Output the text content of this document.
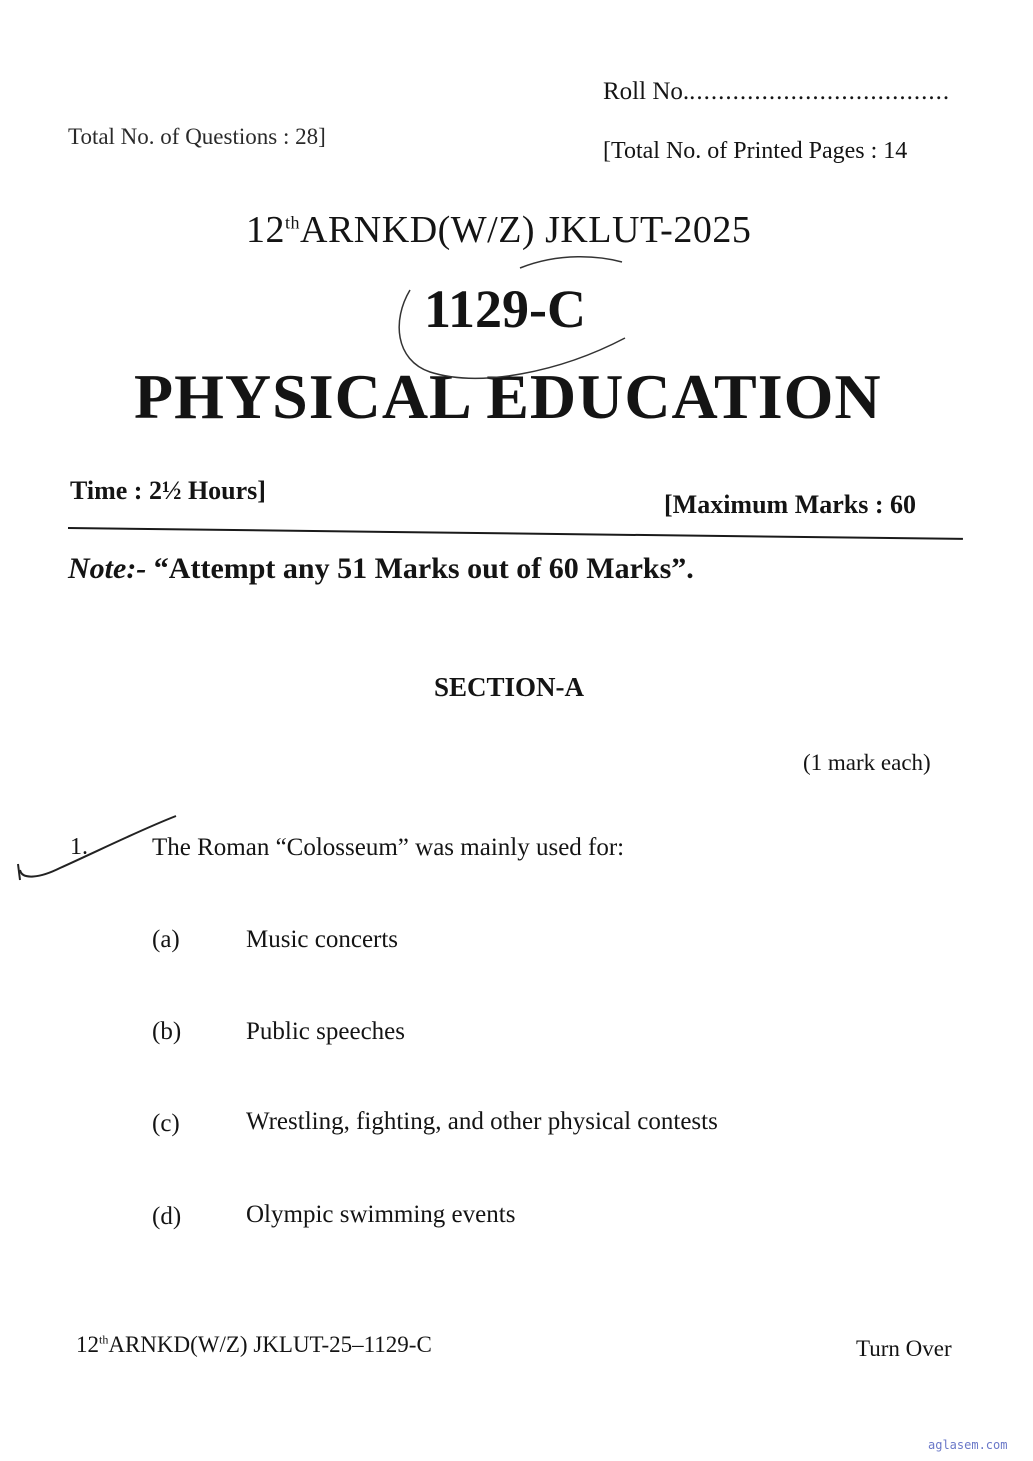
Roll No.....................................
Total No. of Questions : 28]
[Total No. of Printed Pages : 14
12thARNKD(W/Z) JKLUT-2025
1129-C
PHYSICAL EDUCATION
Time : 2½ Hours]	[Maximum Marks : 60
Note:- “Attempt any 51 Marks out of 60 Marks”.
SECTION-A
(1 mark each)
1.	The Roman “Colosseum” was mainly used for:
(a)	Music concerts
(b)	Public speeches
(c)	Wrestling, fighting, and other physical contests
(d)	Olympic swimming events
12thARNKD(W/Z) JKLUT-25–1129-C	Turn Over
aglasem.com
